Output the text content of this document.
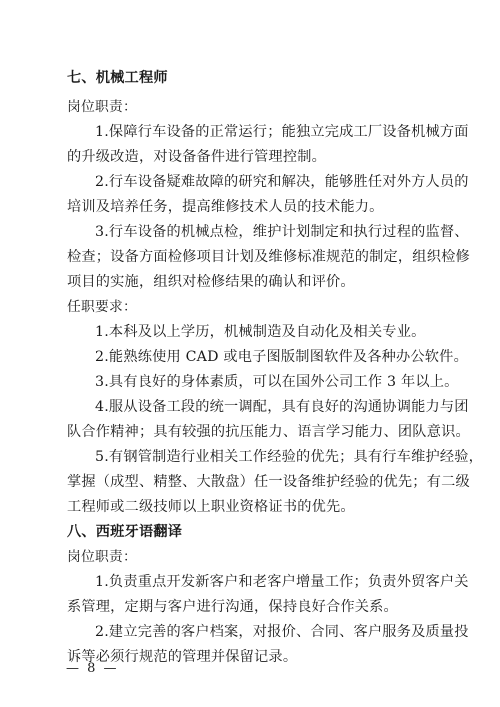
七、机械工程师
岗位职责：
1.保障行车设备的正常运行；能独立完成工厂设备机械方面
的升级改造，对设备备件进行管理控制。
2.行车设备疑难故障的研究和解决，能够胜任对外方人员的
培训及培养任务，提高维修技术人员的技术能力。
3.行车设备的机械点检，维护计划制定和执行过程的监督、
检查；设备方面检修项目计划及维修标准规范的制定，组织检修
项目的实施，组织对检修结果的确认和评价。
任职要求：
1.本科及以上学历，机械制造及自动化及相关专业。
2.能熟练使用 CAD 或电子图版制图软件及各种办公软件。
3.具有良好的身体素质，可以在国外公司工作 3 年以上。
4.服从设备工段的统一调配，具有良好的沟通协调能力与团
队合作精神；具有较强的抗压能力、语言学习能力、团队意识。
5.有钢管制造行业相关工作经验的优先；具有行车维护经验，
掌握（成型、精整、大散盘）任一设备维护经验的优先；有二级
工程师或二级技师以上职业资格证书的优先。
八、西班牙语翻译
岗位职责：
1.负责重点开发新客户和老客户增量工作；负责外贸客户关
系管理，定期与客户进行沟通，保持良好合作关系。
2.建立完善的客户档案，对报价、合同、客户服务及质量投
诉等必须行规范的管理并保留记录。
— 8 —
